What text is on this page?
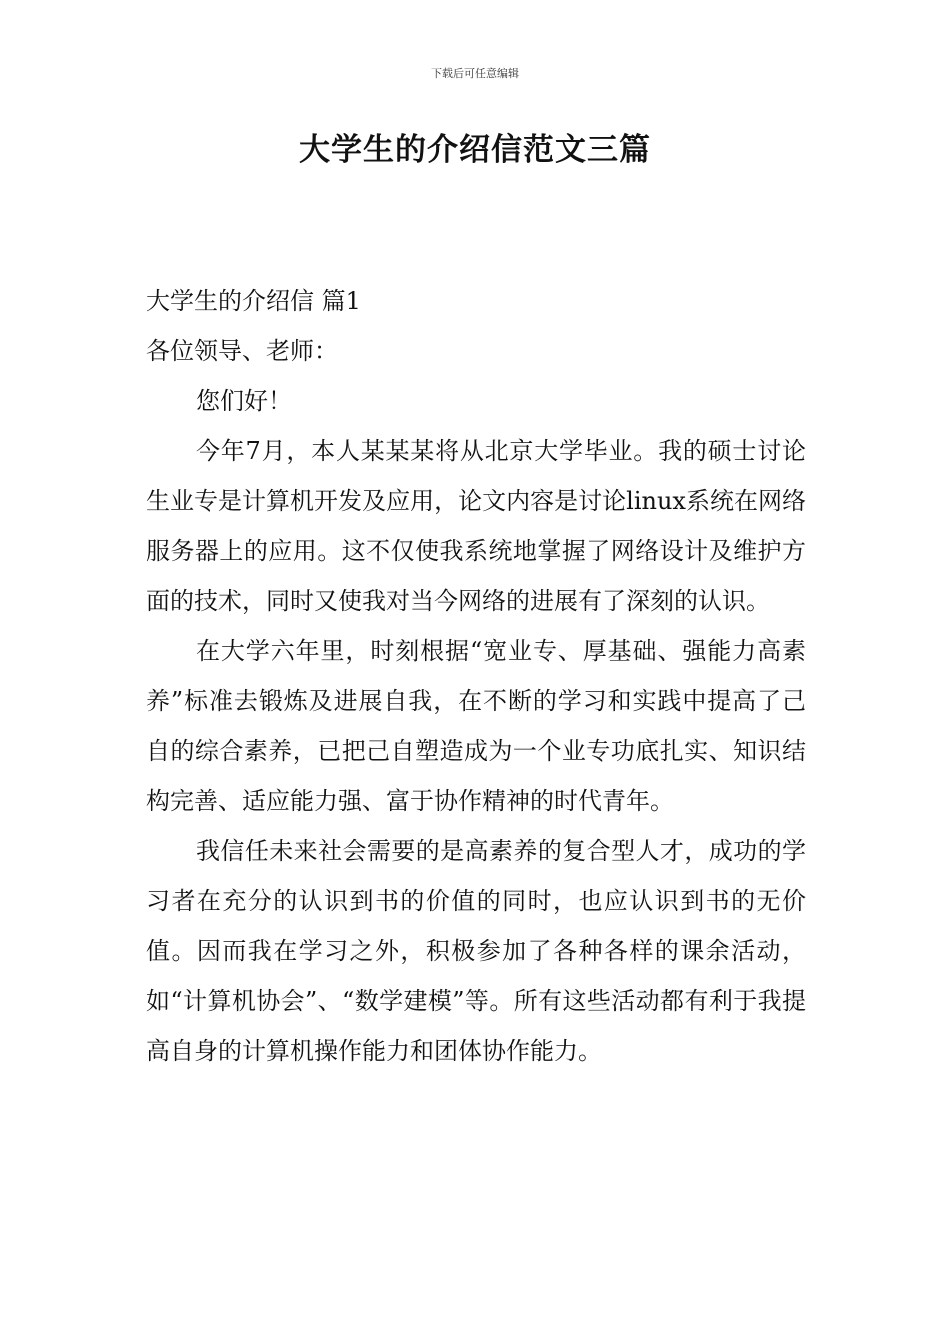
下载后可任意编辑
大学生的介绍信范文三篇

大学生的介绍信 篇1

各位领导、老师：

您们好！

今年7月，本人某某某将从北京大学毕业。我的硕士讨论生业专是计算机开发及应用，论文内容是讨论linux系统在网络服务器上的应用。这不仅使我系统地掌握了网络设计及维护方面的技术，同时又使我对当今网络的进展有了深刻的认识。

在大学六年里，时刻根据“宽业专、厚基础、强能力高素养”标准去锻炼及进展自我，在不断的学习和实践中提高了己自的综合素养，已把己自塑造成为一个业专功底扎实、知识结构完善、适应能力强、富于协作精神的时代青年。

我信任未来社会需要的是高素养的复合型人才，成功的学习者在充分的认识到书的价值的同时，也应认识到书的无价值。因而我在学习之外，积极参加了各种各样的课余活动，如“计算机协会”、“数学建模”等。所有这些活动都有利于我提高自身的计算机操作能力和团体协作能力。
